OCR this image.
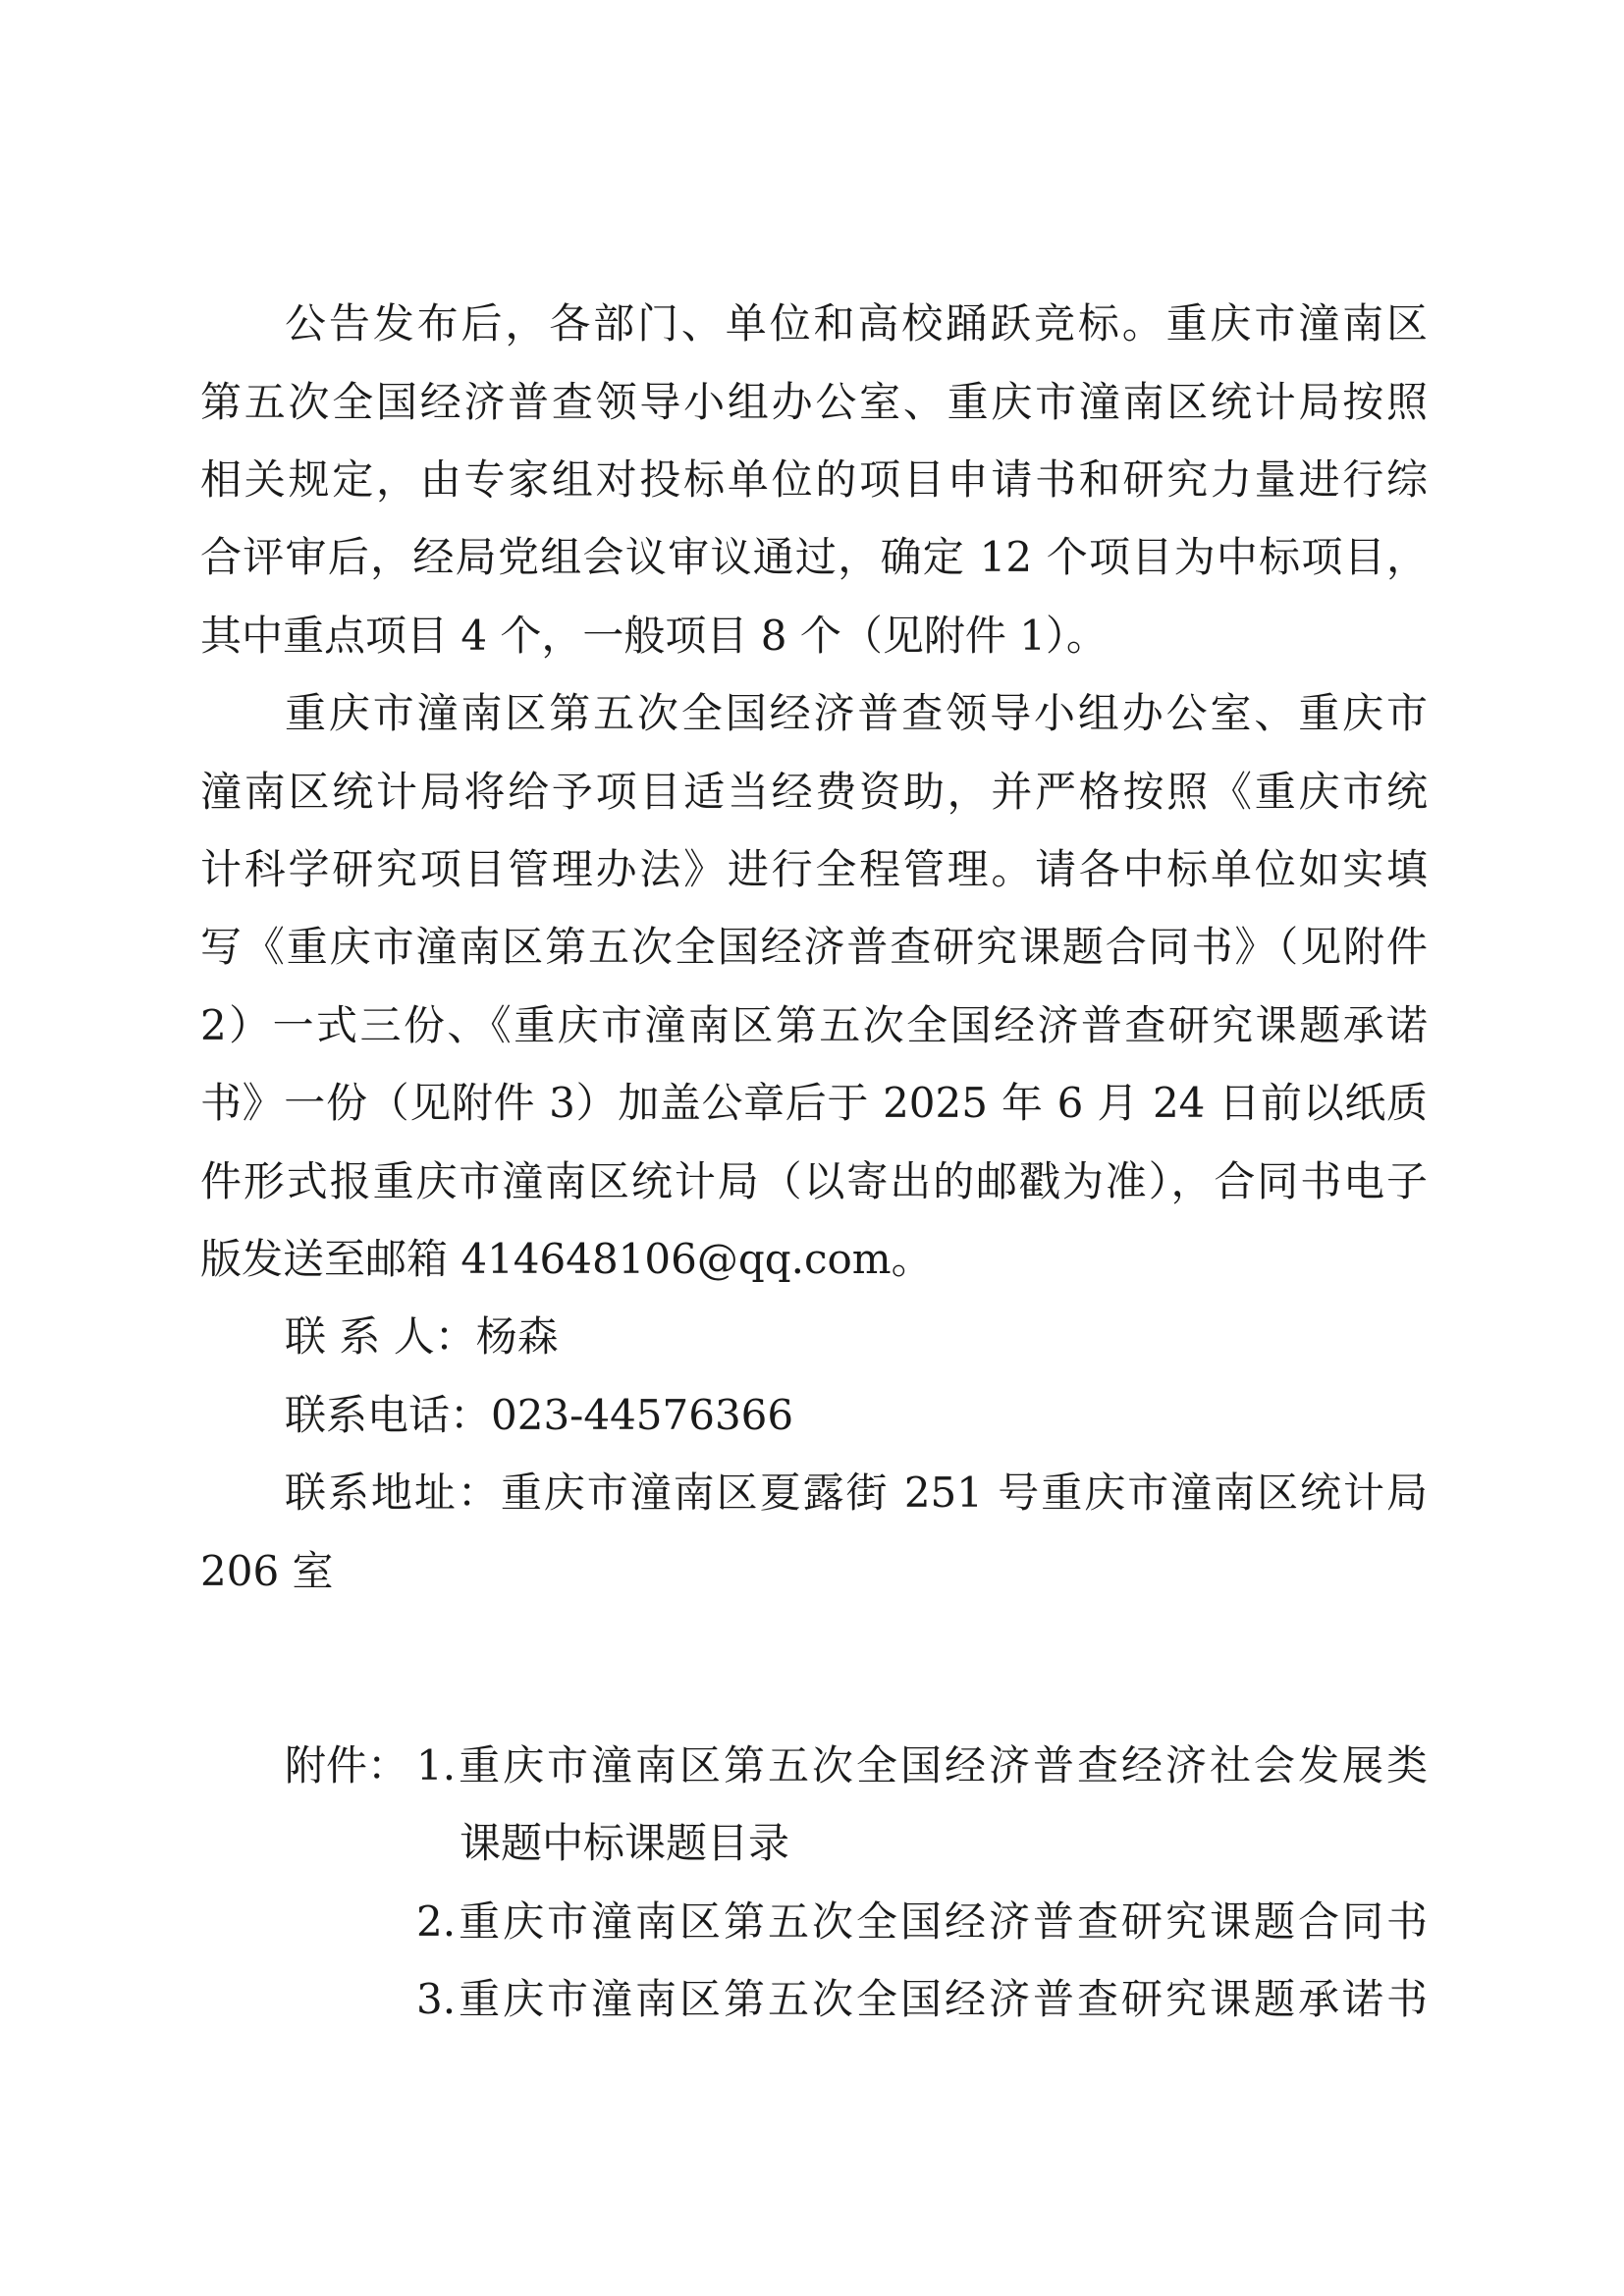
公告发布后，各部门、单位和高校踊跃竞标。重庆市潼南区
第五次全国经济普查领导小组办公室、重庆市潼南区统计局按照
相关规定，由专家组对投标单位的项目申请书和研究力量进行综
合评审后，经局党组会议审议通过，确定 12 个项目为中标项目，
其中重点项目 4 个，一般项目 8 个（见附件 1）。
重庆市潼南区第五次全国经济普查领导小组办公室、重庆市
潼南区统计局将给予项目适当经费资助，并严格按照《重庆市统
计科学研究项目管理办法》进行全程管理。请各中标单位如实填
写《重庆市潼南区第五次全国经济普查研究课题合同书》（见附件
2）一式三份、《重庆市潼南区第五次全国经济普查研究课题承诺
书》一份（见附件 3）加盖公章后于 2025 年 6 月 24 日前以纸质
件形式报重庆市潼南区统计局（以寄出的邮戳为准），合同书电子
版发送至邮箱 414648106@qq.com。
联 系 人：杨森
联系电话：023-44576366
联系地址：重庆市潼南区夏露街 251 号重庆市潼南区统计局
206 室
附件： 1.重庆市潼南区第五次全国经济普查经济社会发展类
课题中标课题目录
2.重庆市潼南区第五次全国经济普查研究课题合同书
3.重庆市潼南区第五次全国经济普查研究课题承诺书
